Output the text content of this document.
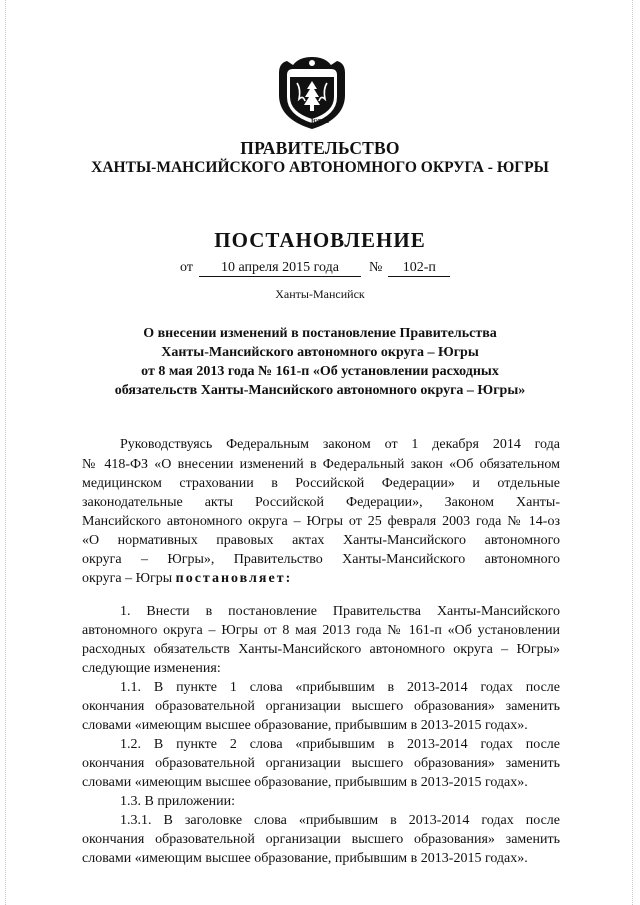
ЮГРА
ПРАВИТЕЛЬСТВО
ХАНТЫ-МАНСИЙСКОГО АВТОНОМНОГО ОКРУГА - ЮГРЫ
ПОСТАНОВЛЕНИЕ
от 10 апреля 2015 года № 102-п
Ханты-Мансийск
О внесении изменений в постановление Правительства
Ханты-Мансийского автономного округа – Югры
от 8 мая 2013 года № 161-п «Об установлении расходных
обязательств Ханты-Мансийского автономного округа – Югры»
Руководствуясь Федеральным законом от 1 декабря 2014 года
№ 418-ФЗ «О внесении изменений в Федеральный закон «Об обязательном
медицинском страховании в Российской Федерации» и отдельные
законодательные акты Российской Федерации», Законом Ханты-
Мансийского автономного округа – Югры от 25 февраля 2003 года № 14-оз
«О нормативных правовых актах Ханты-Мансийского автономного
округа – Югры», Правительство Ханты-Мансийского автономного
округа – Югры постановляет:
1. Внести в постановление Правительства Ханты-Мансийского
автономного округа – Югры от 8 мая 2013 года № 161-п «Об установлении
расходных обязательств Ханты-Мансийского автономного округа – Югры»
следующие изменения:
1.1. В пункте 1 слова «прибывшим в 2013-2014 годах после
окончания образовательной организации высшего образования» заменить
словами «имеющим высшее образование, прибывшим в 2013-2015 годах».
1.2. В пункте 2 слова «прибывшим в 2013-2014 годах после
окончания образовательной организации высшего образования» заменить
словами «имеющим высшее образование, прибывшим в 2013-2015 годах».
1.3. В приложении:
1.3.1. В заголовке слова «прибывшим в 2013-2014 годах после
окончания образовательной организации высшего образования» заменить
словами «имеющим высшее образование, прибывшим в 2013-2015 годах».
